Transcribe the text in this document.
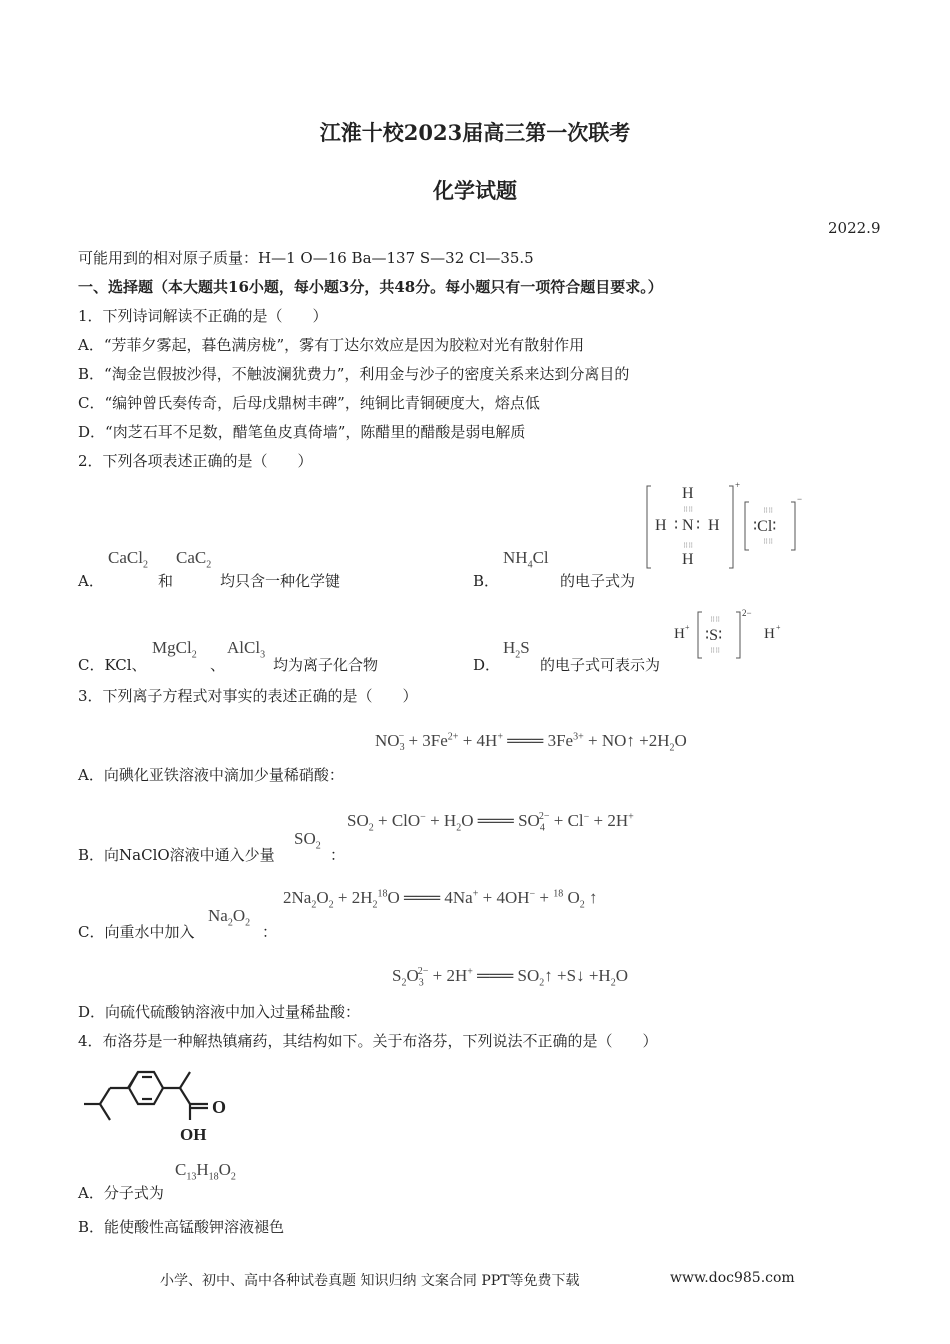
江淮十校2023届高三第一次联考
化学试题
2022.9
可能用到的相对原子质量：H—1 O—16 Ba—137 S—32 Cl—35.5
一、选择题（本大题共16小题，每小题3分，共48分。每小题只有一项符合题目要求。）
1．下列诗词解读不正确的是（　　）
A．“芳菲夕雾起，暮色满房栊”，雾有丁达尔效应是因为胶粒对光有散射作用
B．“淘金岂假披沙得，不触波澜犹费力”，利用金与沙子的密度关系来达到分离目的
C．“编钟曾氏奏传奇，后母戊鼎树丰碑”，纯铜比青铜硬度大，熔点低
D．“肉芝石耳不足数，醋笔鱼皮真倚墙”，陈醋里的醋酸是弱电解质
2．下列各项表述正确的是（　　）
A．
CaCl$_2$
和
CaC$_2$
均只含一种化学键	B．
$NH_4Cl$
的电子式为
H
H ∶ N ∶ H
H
⠿⠿
⠿⠿
+
∶Cl∶
⠿⠿
⠿⠿
−
C．KCl、
MgCl$_2$
、
AlCl$_3$
均为离子化合物	D．
$H_2S$
的电子式可表示为
H + ∶S∶
⠿⠿
⠿⠿
2−
H +
3．下列离子方程式对事实的表述正确的是（　　）
$NO_3^- + 3Fe^{2+} + 4H^+$ ═══ $3Fe^{3+}$ + NO↑ $+2H_2O$
A．向碘化亚铁溶液中滴加少量稀硝酸：
$SO_2 + ClO^- + H_2O$ ═══ $SO_4^{2-} + Cl^- + 2H^+$
B．向NaClO溶液中通入少量
$SO_2$
：
$2Na_2O_2 + 2H_2^{18}O$ ═══ 4Na+ + 4OH− + $^{18}$ $O_2$ ↑
C．向重水中加入
$Na_2O_2$
：
$S_2O_3^{2-} + 2H^+$ ═══ $SO_2↑$ +S↓ $+H_2O$
D．向硫代硫酸钠溶液中加入过量稀盐酸：
4．布洛芬是一种解热镇痛药，其结构如下。关于布洛芬，下列说法不正确的是（　　）
O
OH
A．分子式为
$C_{13}H_{18}O_2$
B．能使酸性高锰酸钾溶液褪色
小学、初中、高中各种试卷真题 知识归纳 文案合同 PPT等免费下载	www.doc985.com
